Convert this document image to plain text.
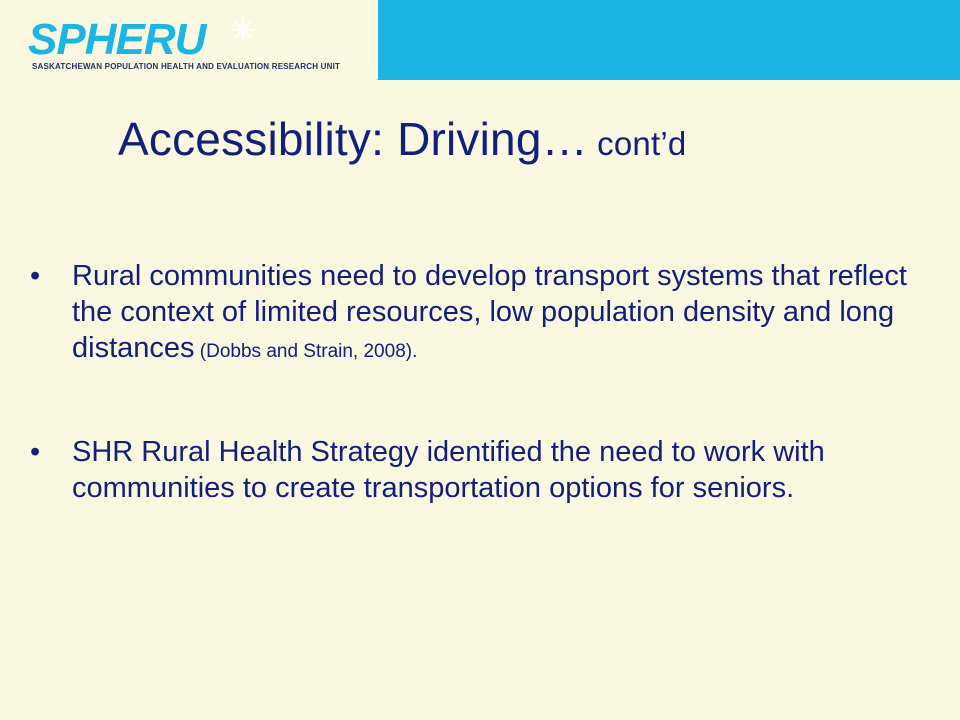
SPHERU
SASKATCHEWAN POPULATION HEALTH AND EVALUATION RESEARCH UNIT
Accessibility: Driving… cont’d
• Rural communities need to develop transport systems that reflect the context of limited resources, low population density and long distances (Dobbs and Strain, 2008).
• SHR Rural Health Strategy identified the need to work with communities to create transportation options for seniors.
